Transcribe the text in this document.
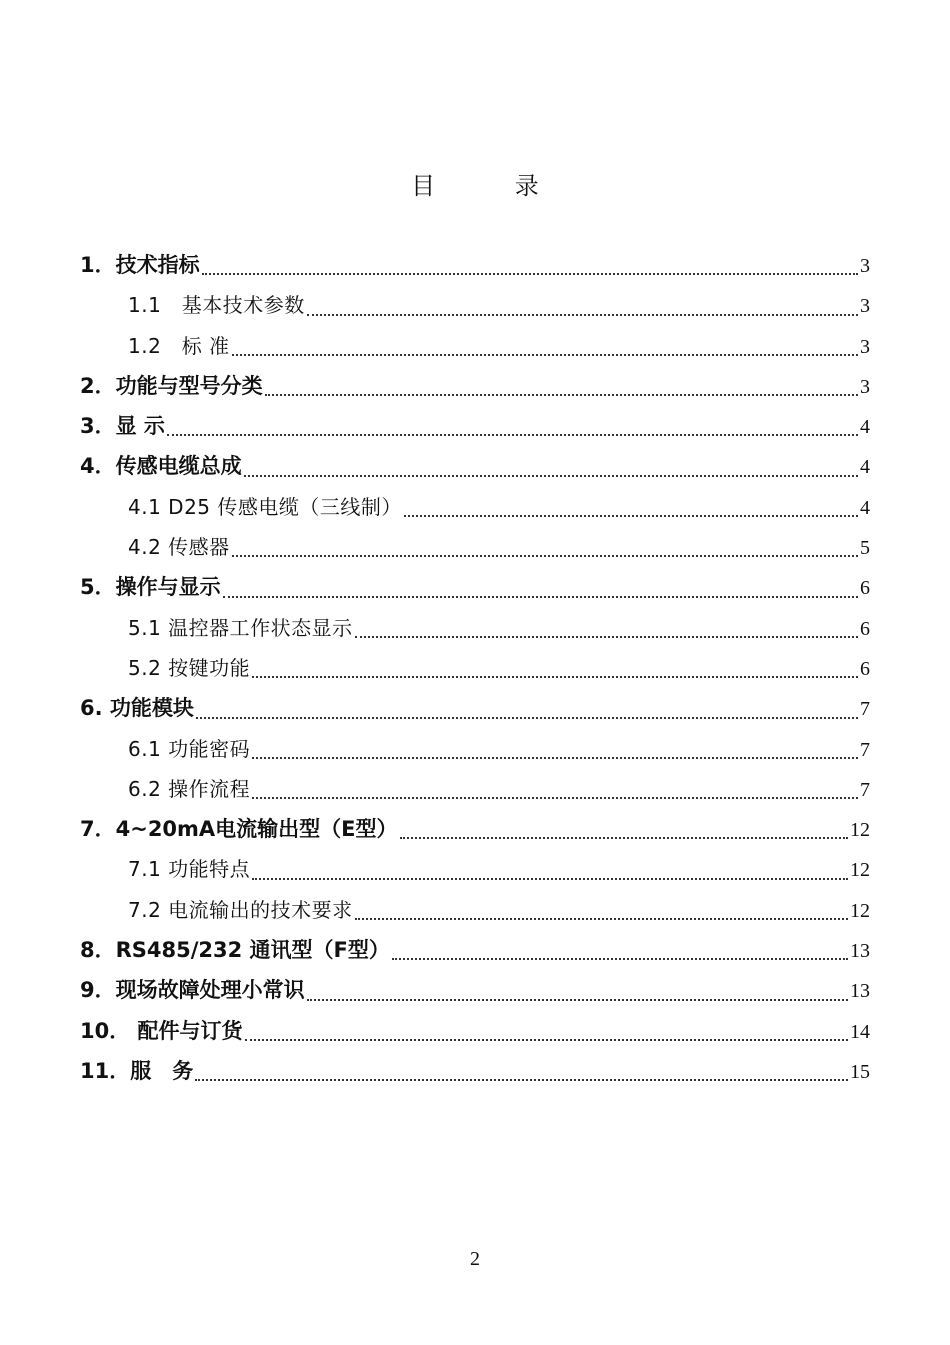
目 录
1．技术指标	3
1.1　基本技术参数	3
1.2　标 准	3
2．功能与型号分类	3
3．显 示	4
4．传感电缆总成	4
4.1 D25 传感电缆（三线制）	4
4.2 传感器	5
5．操作与显示	6
5.1 温控器工作状态显示	6
5.2 按键功能	6
6. 功能模块	7
6.1 功能密码	7
6.2 操作流程	7
7．4~20mA电流输出型（E型）	12
7.1 功能特点	12
7.2 电流输出的技术要求	12
8．RS485/232 通讯型（F型）	13
9．现场故障处理小常识	13
10． 配件与订货	14
11．服　务	15
2
